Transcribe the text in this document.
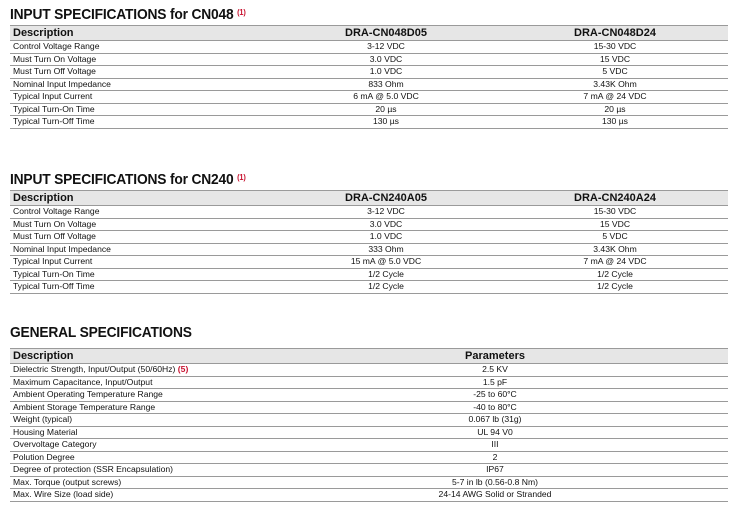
INPUT SPECIFICATIONS for CN048 $^{(1)}$
Description	DRA-CN048D05	DRA-CN048D24
Control Voltage Range	3-12 VDC	15-30 VDC
Must Turn On Voltage	3.0 VDC	15 VDC
Must Turn Off Voltage	1.0 VDC	5 VDC
Nominal Input Impedance	833 Ohm	3.43K Ohm
Typical Input Current	6 mA @ 5.0 VDC	7 mA @ 24 VDC
Typical Turn-On Time	20 µs	20 µs
Typical Turn-Off Time	130 µs	130 µs
INPUT SPECIFICATIONS for CN240 $^{(1)}$
Description	DRA-CN240A05	DRA-CN240A24
Control Voltage Range	3-12 VDC	15-30 VDC
Must Turn On Voltage	3.0 VDC	15 VDC
Must Turn Off Voltage	1.0 VDC	5 VDC
Nominal Input Impedance	333 Ohm	3.43K Ohm
Typical Input Current	15 mA @ 5.0 VDC	7 mA @ 24 VDC
Typical Turn-On Time	1/2 Cycle	1/2 Cycle
Typical Turn-Off Time	1/2 Cycle	1/2 Cycle
GENERAL SPECIFICATIONS
Description	Parameters	
Dielectric Strength, Input/Output (50/60Hz) (5)	2.5 KV	
Maximum Capacitance, Input/Output	1.5 pF	
Ambient Operating Temperature Range	-25 to 60°C	
Ambient Storage Temperature Range	-40 to 80°C	
Weight (typical)	0.067 lb (31g)	
Housing Material	UL 94 V0	
Overvoltage Category	III	
Polution Degree	2	
Degree of protection (SSR Encapsulation)	IP67	
Max. Torque (output screws)	5-7 in lb (0.56-0.8 Nm)	
Max. Wire Size (load side)	24-14 AWG Solid or Stranded	
